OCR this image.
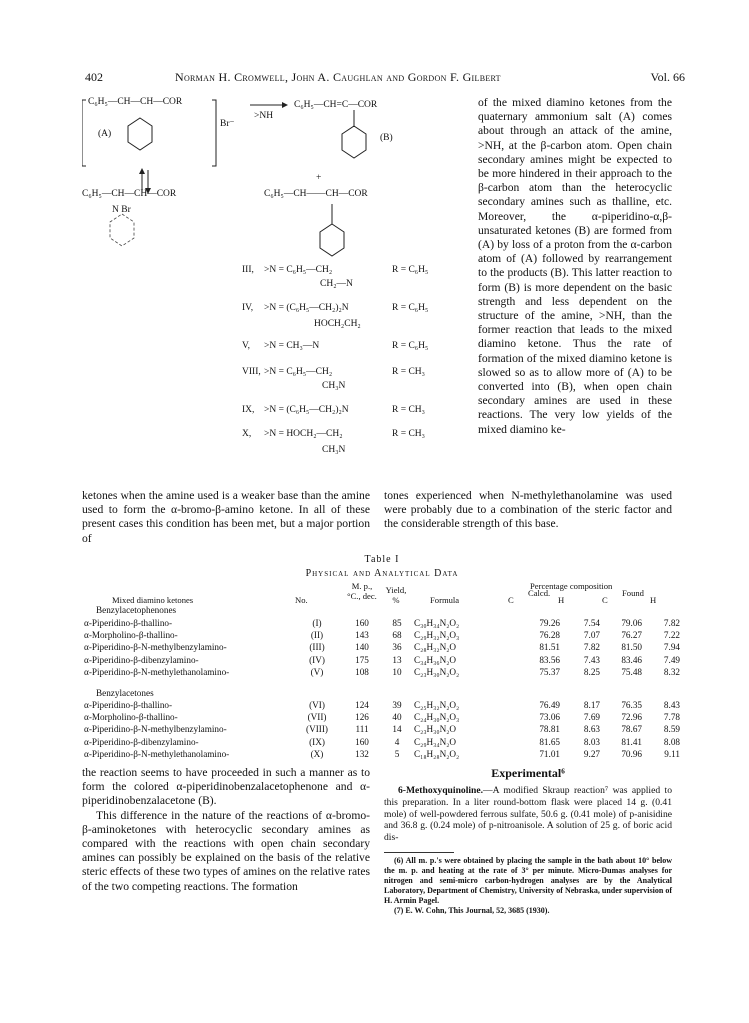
402	Norman H. Cromwell, John A. Caughlan and Gordon F. Gilbert	Vol. 66
C₆H₅—CH—CH—COR
(A)
Br⁻
>NH
C₆H₅—CH=C—COR
(B)
+
C₆H₅—CH—CH—COR
N Br
C₆H₅—CH——CH—COR
III, >N = C₆H₅—CH₂	R = C₆H₅
CH₂—N
IV, >N = (C₆H₅—CH₂)₂N	R = C₆H₅
HOCH₂CH₂
V, >N = CH₃—N	R = C₆H₅
VIII, >N = C₆H₅—CH₂	R = CH₃
CH₃N
IX, >N = (C₆H₅—CH₂)₂N	R = CH₃
X, >N = HOCH₂—CH₂	R = CH₃
CH₃N
of the mixed diamino ketones from the quaternary ammonium salt (A) comes about through an attack of the amine, >NH, at the β-carbon atom. Open chain secondary amines might be expected to be more hindered in their approach to the β-carbon atom than the heterocyclic secondary amines such as thalline, etc. Moreover, the α-piperidino-α,β-unsaturated ketones (B) are formed from (A) by loss of a proton from the α-carbon atom of (A) followed by rearrangement to the products (B). This latter reaction to form (B) is more dependent on the basic strength and less dependent on the structure of the amine, >NH, than the former reaction that leads to the mixed diamino ketone. Thus the rate of formation of the mixed diamino ketone is slowed so as to allow more of (A) to be converted into (B), when open chain secondary amines are used in these reactions. The very low yields of the mixed diamino ke-
ketones when the amine used is a weaker base than the amine used to form the α-bromo-β-amino ketone. In all of these present cases this condition has been met, but a major portion of
tones experienced when N-methylethanolamine was used were probably due to a combination of the steric factor and the considerable strength of this base.
Table I
Physical and Analytical Data
Mixed diamino ketones	No.
M. p., °C., dec.
Yield, %	Formula
Percentage composition
Calcd.	Found
C	H	C	H
Benzylacetophenones								
α-Piperidino-β-thallino-	(I)	160	85	C₃₀H₃₄N₂O₂	79.26	7.54	79.06	7.82
α-Morpholino-β-thallino-	(II)	143	68	C₂₉H₃₂N₂O₃	76.28	7.07	76.27	7.22
α-Piperidino-β-N-methylbenzylamino-	(III)	140	36	C₂₈H₃₂N₂O	81.51	7.82	81.50	7.94
α-Piperidino-β-dibenzylamino-	(IV)	175	13	C₃₄H₃₆N₂O	83.56	7.43	83.46	7.49
α-Piperidino-β-N-methylethanolamino-	(V)	108	10	C₂₃H₃₀N₂O₂	75.37	8.25	75.48	8.32
Benzylacetones								
α-Piperidino-β-thallino-	(VI)	124	39	C₂₅H₃₂N₂O₂	76.49	8.17	76.35	8.43
α-Morpholino-β-thallino-	(VII)	126	40	C₂₄H₃₀N₂O₃	73.06	7.69	72.96	7.78
α-Piperidino-β-N-methylbenzylamino-	(VIII)	111	14	C₂₃H₃₀N₂O	78.81	8.63	78.67	8.59
α-Piperidino-β-dibenzylamino-	(IX)	160	4	C₂₉H₃₄N₂O	81.65	8.03	81.41	8.08
α-Piperidino-β-N-methylethanolamino-	(X)	132	5	C₁₈H₂₈N₂O₂	71.01	9.27	70.96	9.11
the reaction seems to have proceeded in such a manner as to form the colored α-piperidinobenzalacetophenone and α-piperidinobenzalacetone (B).
This difference in the nature of the reactions of α-bromo-β-aminoketones with heterocyclic secondary amines as compared with the reactions with open chain secondary amines can possibly be explained on the basis of the relative steric effects of these two types of amines on the relative rates of the two competing reactions. The formation
Experimental⁶
6-Methoxyquinoline.—A modified Skraup reaction⁷ was applied to this preparation. In a liter round-bottom flask were placed 14 g. (0.41 mole) of well-powdered ferrous sulfate, 50.6 g. (0.41 mole) of p-anisidine and 36.8 g. (0.24 mole) of p-nitroanisole. A solution of 25 g. of boric acid dis-
(6) All m. p.'s were obtained by placing the sample in the bath about 10° below the m. p. and heating at the rate of 3° per minute. Micro-Dumas analyses for nitrogen and semi-micro carbon-hydrogen analyses are by the Analytical Laboratory, Department of Chemistry, University of Nebraska, under supervision of H. Armin Pagel.
(7) E. W. Cohn, This Journal, 52, 3685 (1930).
